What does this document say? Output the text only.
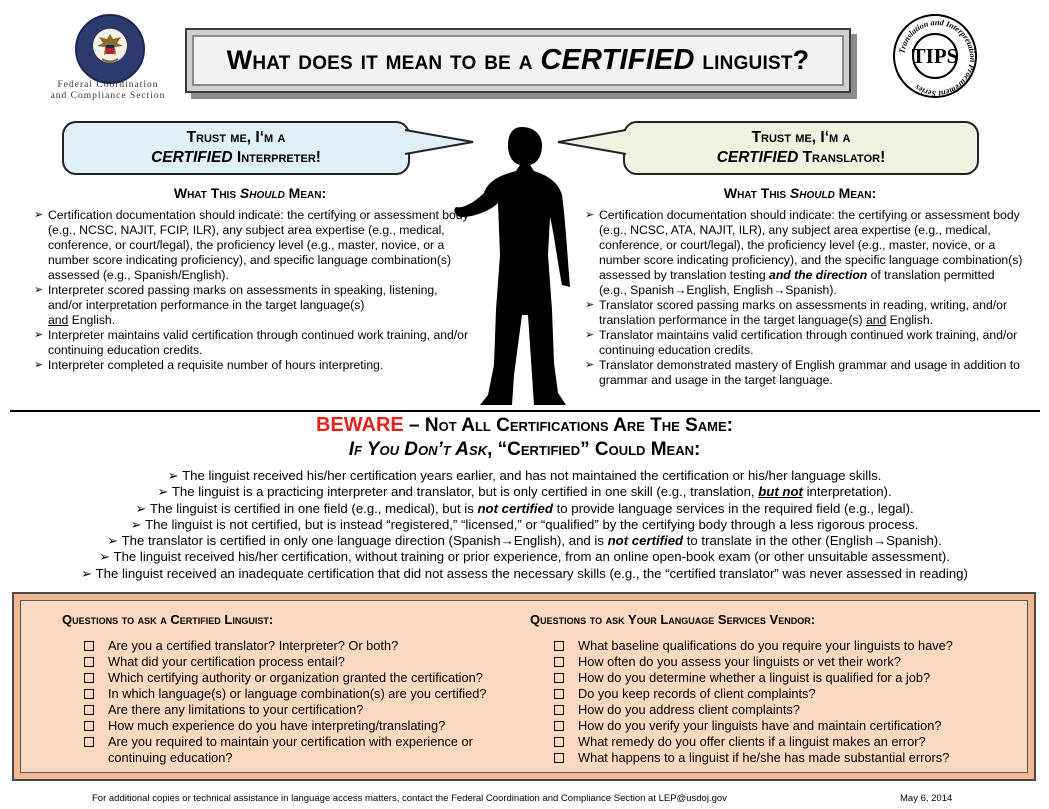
Federal Coordination
and Compliance Section
What does it mean to be a CERTIFIED linguist?	Translation and Interpretation Procurement Series
TIPS
Trust me, I‘m a
CERTIFIED Interpreter!
Trust me, I‘m a
CERTIFIED Translator!
What This Should Mean:
➢ Certification documentation should indicate: the certifying or assessment body (e.g., NCSC, NAJIT, FCIP, ILR), any subject area expertise (e.g., medical, conference, or court/legal), the proficiency level (e.g., master, novice, or a number score indicating proficiency), and specific language combination(s) assessed (e.g., Spanish/English).
➢ Interpreter scored passing marks on assessments in speaking, listening, and/or interpretation performance in the target language(s)
and English.
➢ Interpreter maintains valid certification through continued work training, and/or continuing education credits.
➢ Interpreter completed a requisite number of hours interpreting.
What This Should Mean:
➢ Certification documentation should indicate: the certifying or assessment body (e.g., NCSC, ATA, NAJIT, ILR), any subject area expertise (e.g., medical, conference, or court/legal), the proficiency level (e.g., master, novice, or a number score indicating proficiency), and the specific language combination(s) assessed by translation testing and the direction of translation permitted
(e.g., Spanish→English, English→Spanish).
➢ Translator scored passing marks on assessments in reading, writing, and/or translation performance in the target language(s) and English.
➢ Translator maintains valid certification through continued work training, and/or continuing education credits.
➢ Translator demonstrated mastery of English grammar and usage in addition to grammar and usage in the target language.
BEWARE – Not All Certifications Are The Same:
If You Don’t Ask, “Certified” Could Mean:
➢ The linguist received his/her certification years earlier, and has not maintained the certification or his/her language skills.
➢ The linguist is a practicing interpreter and translator, but is only certified in one skill (e.g., translation, but not interpretation).
➢ The linguist is certified in one field (e.g., medical), but is not certified to provide language services in the required field (e.g., legal).
➢ The linguist is not certified, but is instead “registered,” “licensed,” or “qualified” by the certifying body through a less rigorous process.
➢ The translator is certified in only one language direction (Spanish→English), and is not certified to translate in the other (English→Spanish).
➢ The linguist received his/her certification, without training or prior experience, from an online open-book exam (or other unsuitable assessment).
➢ The linguist received an inadequate certification that did not assess the necessary skills (e.g., the “certified translator” was never assessed in reading)
Questions to ask a Certified Linguist:
Are you a certified translator? Interpreter? Or both?
What did your certification process entail?
Which certifying authority or organization granted the certification?
In which language(s) or language combination(s) are you certified?
Are there any limitations to your certification?
How much experience do you have interpreting/translating?
Are you required to maintain your certification with experience or continuing education?
Questions to ask Your Language Services Vendor:
What baseline qualifications do you require your linguists to have?
How often do you assess your linguists or vet their work?
How do you determine whether a linguist is qualified for a job?
Do you keep records of client complaints?
How do you address client complaints?
How do you verify your linguists have and maintain certification?
What remedy do you offer clients if a linguist makes an error?
What happens to a linguist if he/she has made substantial errors?
For additional copies or technical assistance in language access matters, contact the Federal Coordination and Compliance Section at LEP@usdoj.gov	May 6, 2014
